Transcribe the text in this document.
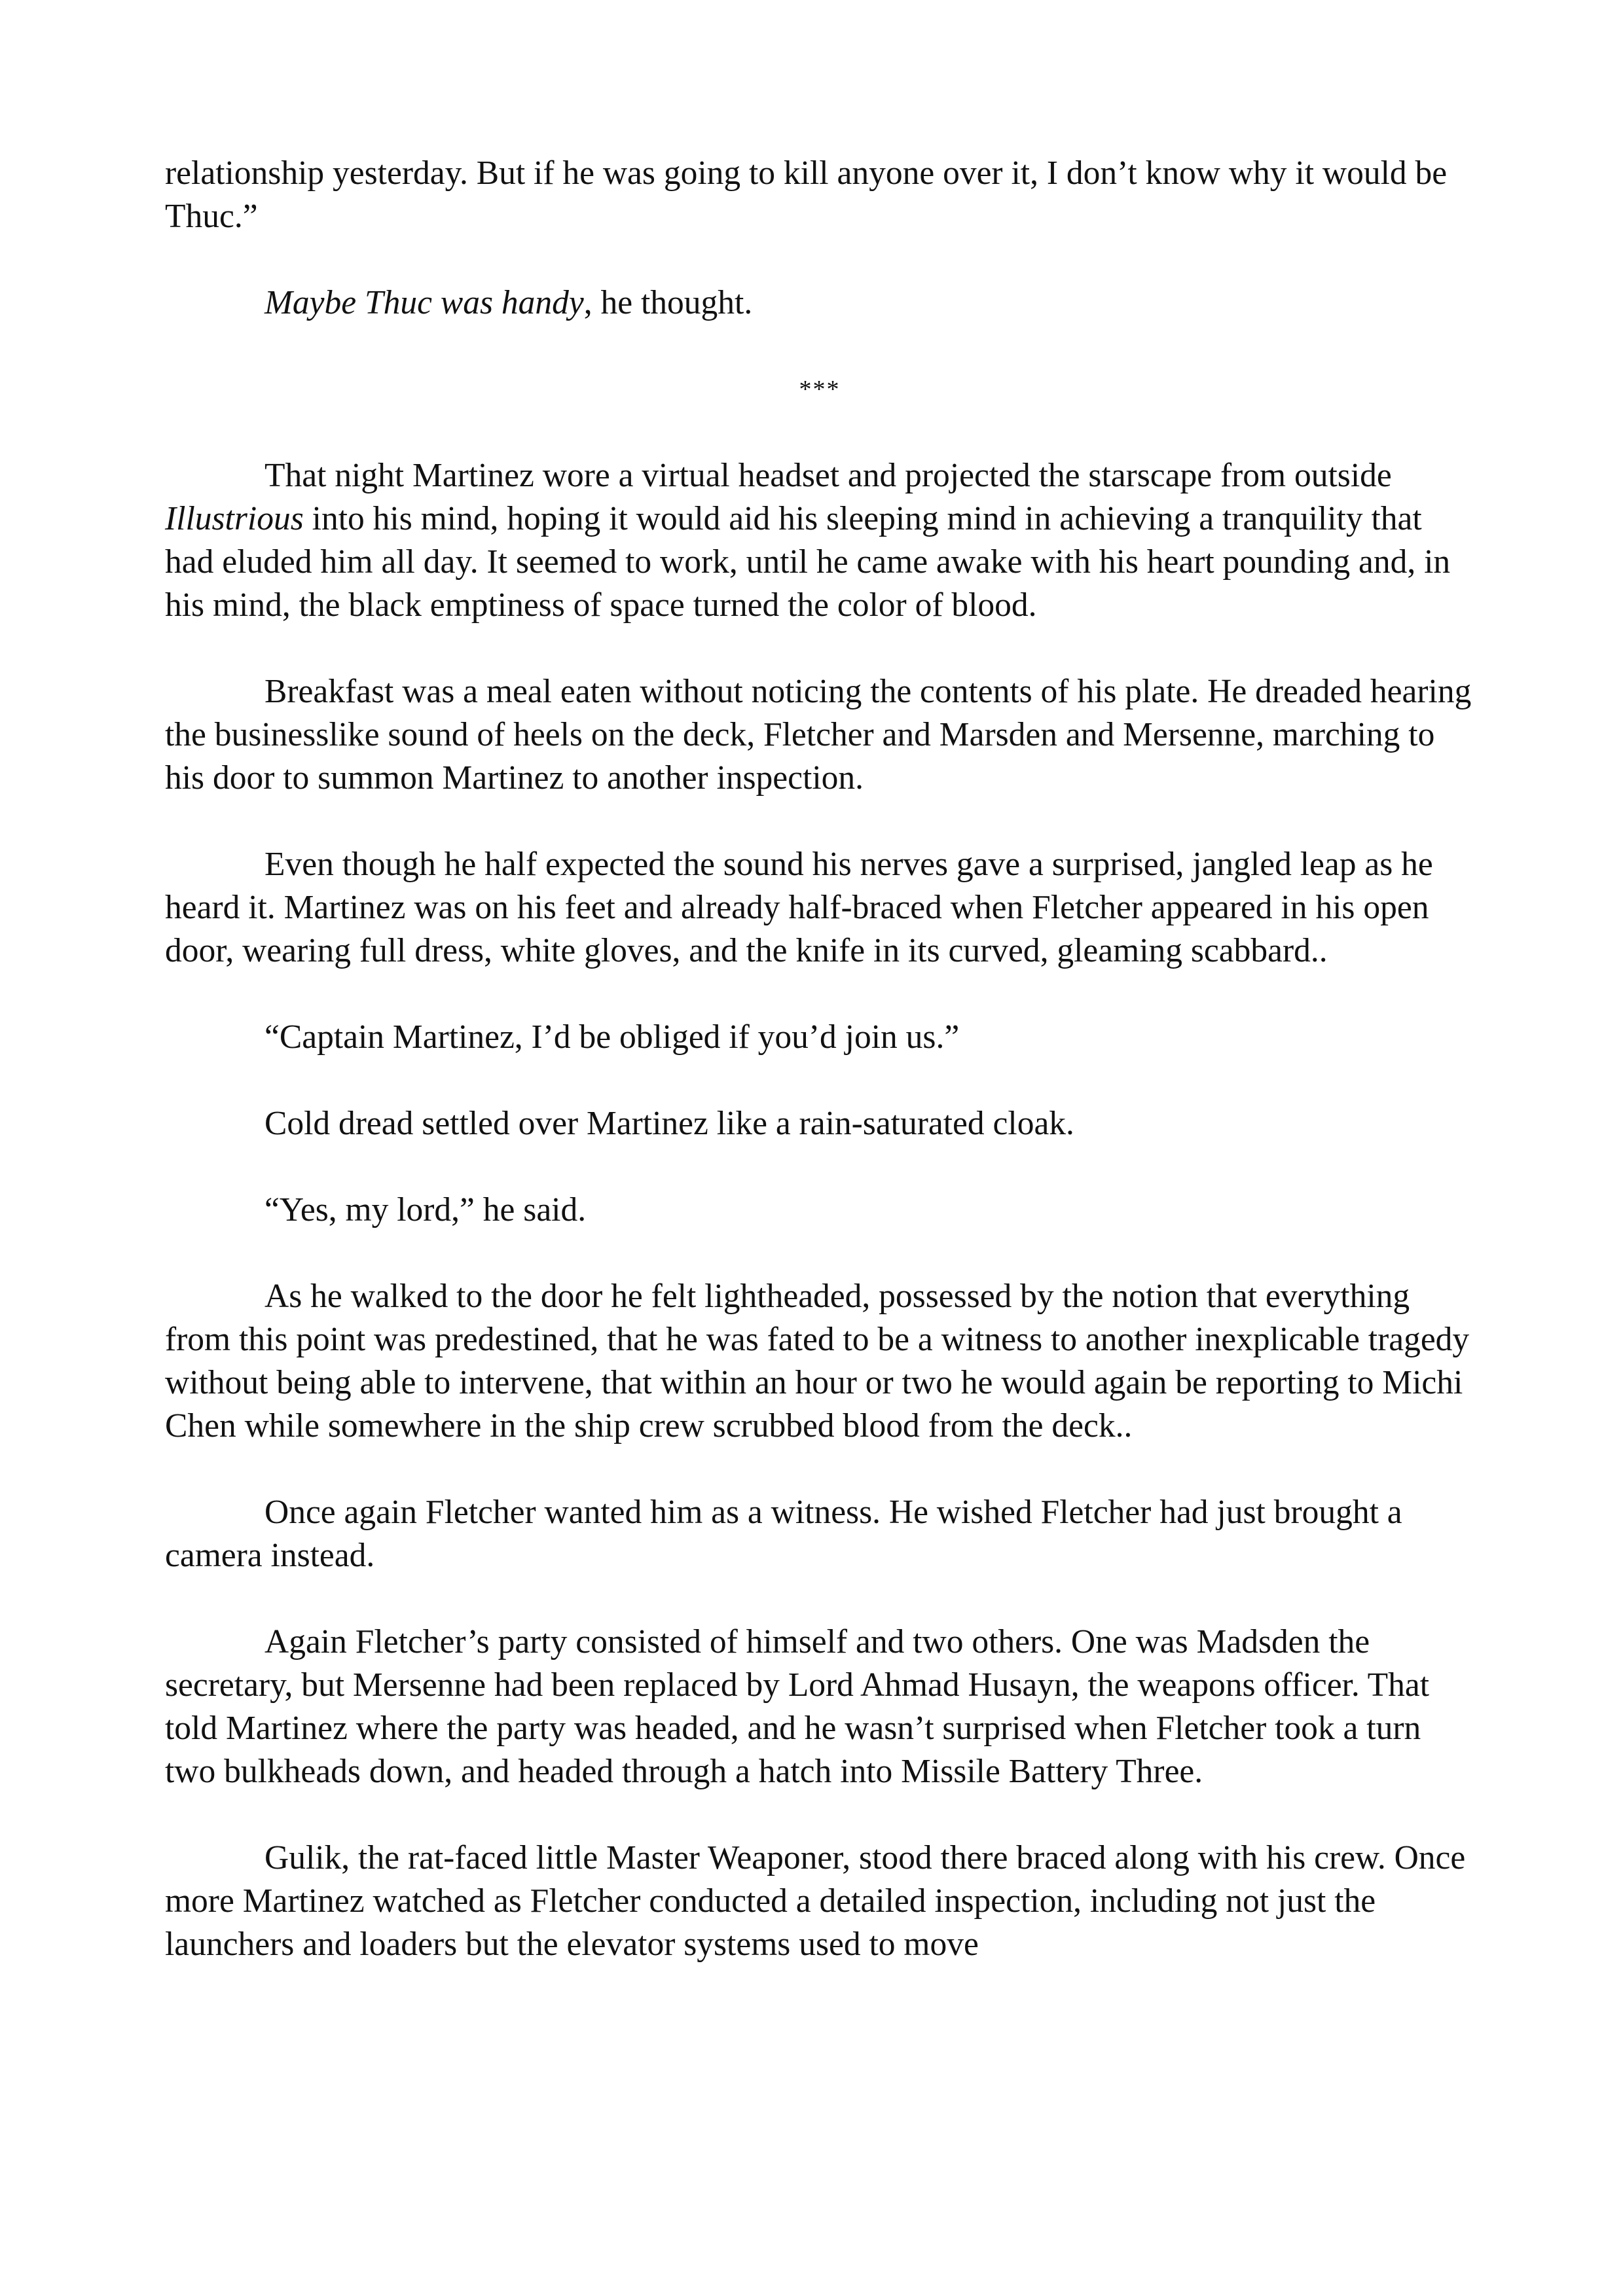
relationship yesterday. But if he was going to kill anyone over it, I don’t know why it would be Thuc.”

Maybe Thuc was handy, he thought.

***

That night Martinez wore a virtual headset and projected the starscape from outside Illustrious into his mind, hoping it would aid his sleeping mind in achieving a tranquility that had eluded him all day. It seemed to work, until he came awake with his heart pounding and, in his mind, the black emptiness of space turned the color of blood.

Breakfast was a meal eaten without noticing the contents of his plate. He dreaded hearing the businesslike sound of heels on the deck, Fletcher and Marsden and Mersenne, marching to his door to summon Martinez to another inspection.

Even though he half expected the sound his nerves gave a surprised, jangled leap as he heard it. Martinez was on his feet and already half-braced when Fletcher appeared in his open door, wearing full dress, white gloves, and the knife in its curved, gleaming scabbard..

“Captain Martinez, I’d be obliged if you’d join us.”

Cold dread settled over Martinez like a rain-saturated cloak.

“Yes, my lord,” he said.

As he walked to the door he felt lightheaded, possessed by the notion that everything from this point was predestined, that he was fated to be a witness to another inexplicable tragedy without being able to intervene, that within an hour or two he would again be reporting to Michi Chen while somewhere in the ship crew scrubbed blood from the deck..

Once again Fletcher wanted him as a witness. He wished Fletcher had just brought a camera instead.

Again Fletcher’s party consisted of himself and two others. One was Madsden the secretary, but Mersenne had been replaced by Lord Ahmad Husayn, the weapons officer. That told Martinez where the party was headed, and he wasn’t surprised when Fletcher took a turn two bulkheads down, and headed through a hatch into Missile Battery Three.

Gulik, the rat-faced little Master Weaponer, stood there braced along with his crew. Once more Martinez watched as Fletcher conducted a detailed inspection, including not just the launchers and loaders but the elevator systems used to move
